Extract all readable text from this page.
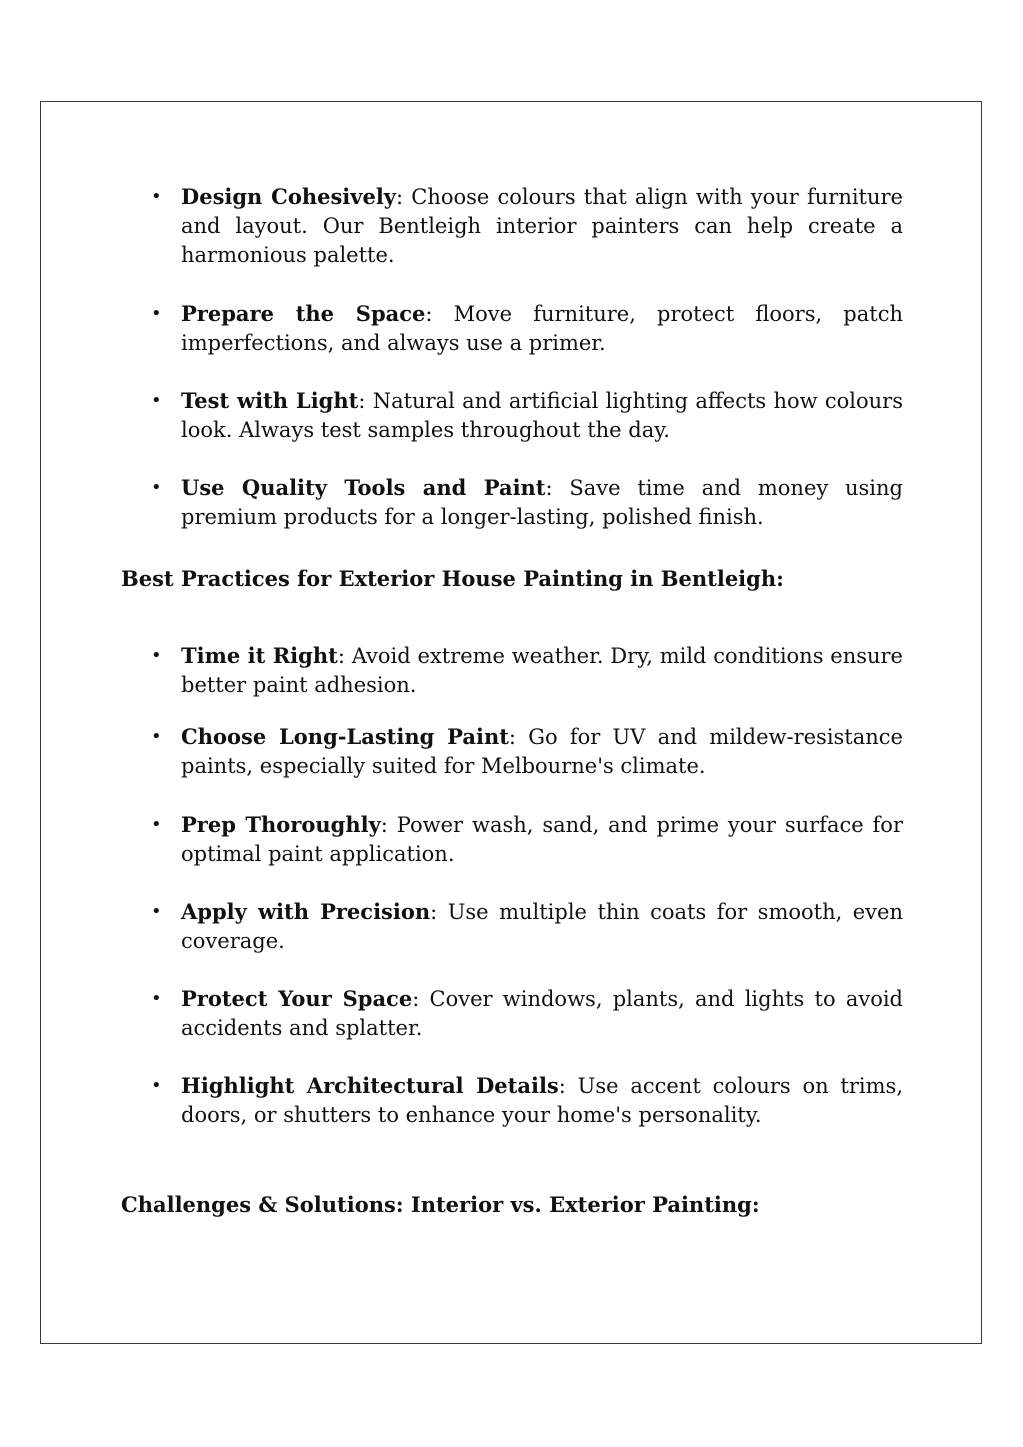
• Design Cohesively: Choose colours that align with your furniture and layout. Our Bentleigh interior painters can help create a harmonious palette.
• Prepare the Space: Move furniture, protect floors, patch imperfections, and always use a primer.
• Test with Light: Natural and artificial lighting affects how colours look. Always test samples throughout the day.
• Use Quality Tools and Paint: Save time and money using premium products for a longer-lasting, polished finish.
Best Practices for Exterior House Painting in Bentleigh:
• Time it Right: Avoid extreme weather. Dry, mild conditions ensure better paint adhesion.
• Choose Long-Lasting Paint: Go for UV and mildew-resistance paints, especially suited for Melbourne's climate.
• Prep Thoroughly: Power wash, sand, and prime your surface for optimal paint application.
• Apply with Precision: Use multiple thin coats for smooth, even coverage.
• Protect Your Space: Cover windows, plants, and lights to avoid accidents and splatter.
• Highlight Architectural Details: Use accent colours on trims, doors, or shutters to enhance your home's personality.
Challenges & Solutions: Interior vs. Exterior Painting:
